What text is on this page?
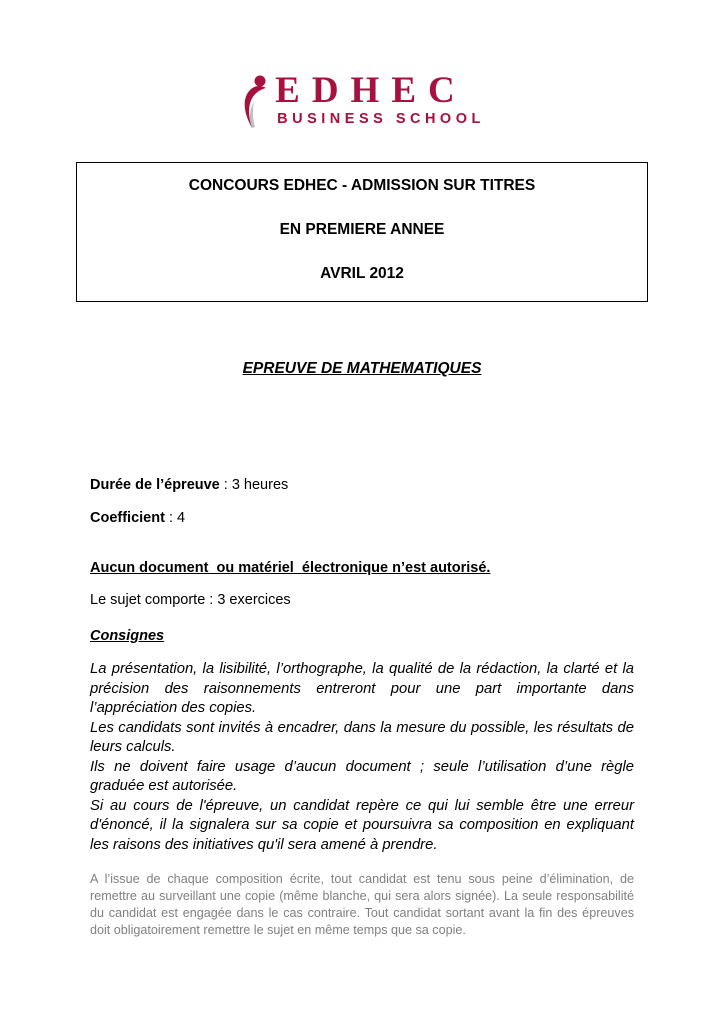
EDHEC
BUSINESS SCHOOL
CONCOURS EDHEC - ADMISSION SUR TITRES
EN PREMIERE ANNEE
AVRIL 2012
EPREUVE DE MATHEMATIQUES
Durée de l’épreuve : 3 heures
Coefficient : 4
Aucun document  ou matériel  électronique n’est autorisé.
Le sujet comporte : 3 exercices
Consignes

La présentation, la lisibilité, l’orthographe, la qualité de la rédaction, la clarté et la précision des raisonnements entreront pour une part importante dans l’appréciation des copies.

Les candidats sont invités à encadrer, dans la mesure du possible, les résultats de leurs calculs.

Ils ne doivent faire usage d’aucun document ; seule l’utilisation d’une règle graduée est autorisée.

Si au cours de l'épreuve, un candidat repère ce qui lui semble être une erreur d'énoncé, il la signalera sur sa copie et poursuivra sa composition en expliquant les raisons des initiatives qu'il sera amené à prendre.

A l’issue de chaque composition écrite, tout candidat est tenu sous peine d’élimination, de remettre au surveillant une copie (même blanche, qui sera alors signée). La seule responsabilité du candidat est engagée dans le cas contraire. Tout candidat sortant avant la fin des épreuves doit obligatoirement remettre le sujet en même temps que sa copie.
